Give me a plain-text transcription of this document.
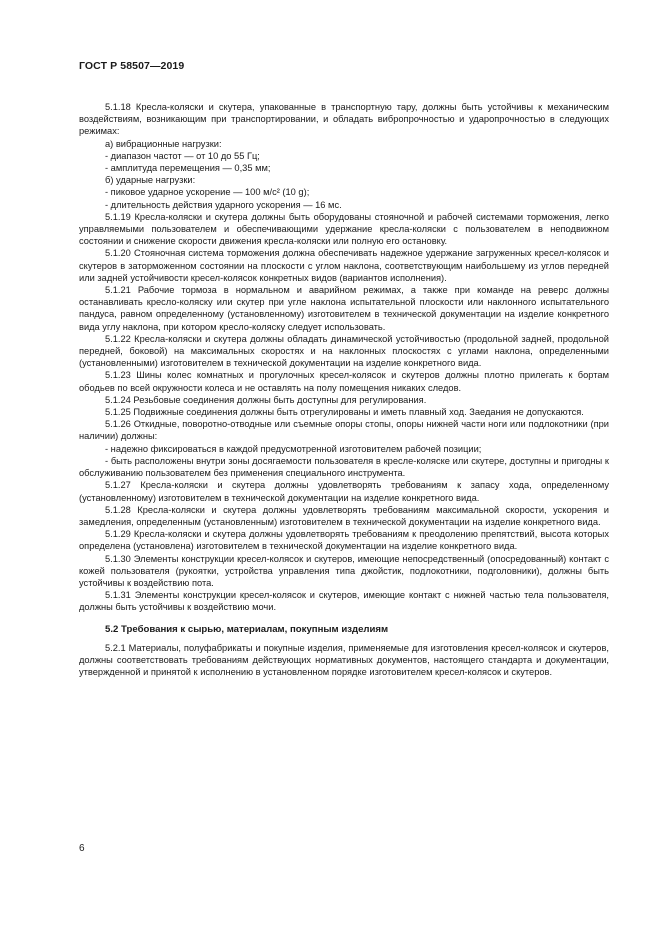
ГОСТ Р 58507—2019

5.1.18 Кресла-коляски и скутера, упакованные в транспортную тару, должны быть устойчивы к механическим воздействиям, возникающим при транспортировании, и обладать вибропрочностью и ударопрочностью в следующих режимах:

а) вибрационные нагрузки:

- диапазон частот — от 10 до 55 Гц;

- амплитуда перемещения — 0,35 мм;

б) ударные нагрузки:

- пиковое ударное ускорение — 100 м/с² (10 g);

- длительность действия ударного ускорения — 16 мс.

5.1.19 Кресла-коляски и скутера должны быть оборудованы стояночной и рабочей системами торможения, легко управляемыми пользователем и обеспечивающими удержание кресла-коляски с пользователем в неподвижном состоянии и снижение скорости движения кресла-коляски или полную его остановку.

5.1.20 Стояночная система торможения должна обеспечивать надежное удержание загруженных кресел-колясок и скутеров в заторможенном состоянии на плоскости с углом наклона, соответствующим наибольшему из углов передней или задней устойчивости кресел-колясок конкретных видов (вариантов исполнения).

5.1.21 Рабочие тормоза в нормальном и аварийном режимах, а также при команде на реверс должны останавливать кресло-коляску или скутер при угле наклона испытательной плоскости или наклонного испытательного пандуса, равном определенному (установленному) изготовителем в технической документации на изделие конкретного вида углу наклона, при котором кресло-коляску следует использовать.

5.1.22 Кресла-коляски и скутера должны обладать динамической устойчивостью (продольной задней, продольной передней, боковой) на максимальных скоростях и на наклонных плоскостях с углами наклона, определенными (установленными) изготовителем в технической документации на изделие конкретного вида.

5.1.23 Шины колес комнатных и прогулочных кресел-колясок и скутеров должны плотно прилегать к бортам ободьев по всей окружности колеса и не оставлять на полу помещения никаких следов.

5.1.24 Резьбовые соединения должны быть доступны для регулирования.

5.1.25 Подвижные соединения должны быть отрегулированы и иметь плавный ход. Заедания не допускаются.

5.1.26 Откидные, поворотно-отводные или съемные опоры стопы, опоры нижней части ноги или подлокотники (при наличии) должны:

- надежно фиксироваться в каждой предусмотренной изготовителем рабочей позиции;

- быть расположены внутри зоны досягаемости пользователя в кресле-коляске или скутере, доступны и пригодны к обслуживанию пользователем без применения специального инструмента.

5.1.27 Кресла-коляски и скутера должны удовлетворять требованиям к запасу хода, определенному (установленному) изготовителем в технической документации на изделие конкретного вида.

5.1.28 Кресла-коляски и скутера должны удовлетворять требованиям максимальной скорости, ускорения и замедления, определенным (установленным) изготовителем в технической документации на изделие конкретного вида.

5.1.29 Кресла-коляски и скутера должны удовлетворять требованиям к преодолению препятствий, высота которых определена (установлена) изготовителем в технической документации на изделие конкретного вида.

5.1.30 Элементы конструкции кресел-колясок и скутеров, имеющие непосредственный (опосредованный) контакт с кожей пользователя (рукоятки, устройства управления типа джойстик, подлокотники, подголовники), должны быть устойчивы к воздействию пота.

5.1.31 Элементы конструкции кресел-колясок и скутеров, имеющие контакт с нижней частью тела пользователя, должны быть устойчивы к воздействию мочи.

5.2 Требования к сырью, материалам, покупным изделиям

5.2.1 Материалы, полуфабрикаты и покупные изделия, применяемые для изготовления кресел-колясок и скутеров, должны соответствовать требованиям действующих нормативных документов, настоящего стандарта и документации, утвержденной и принятой к исполнению в установленном порядке изготовителем кресел-колясок и скутеров.

6
